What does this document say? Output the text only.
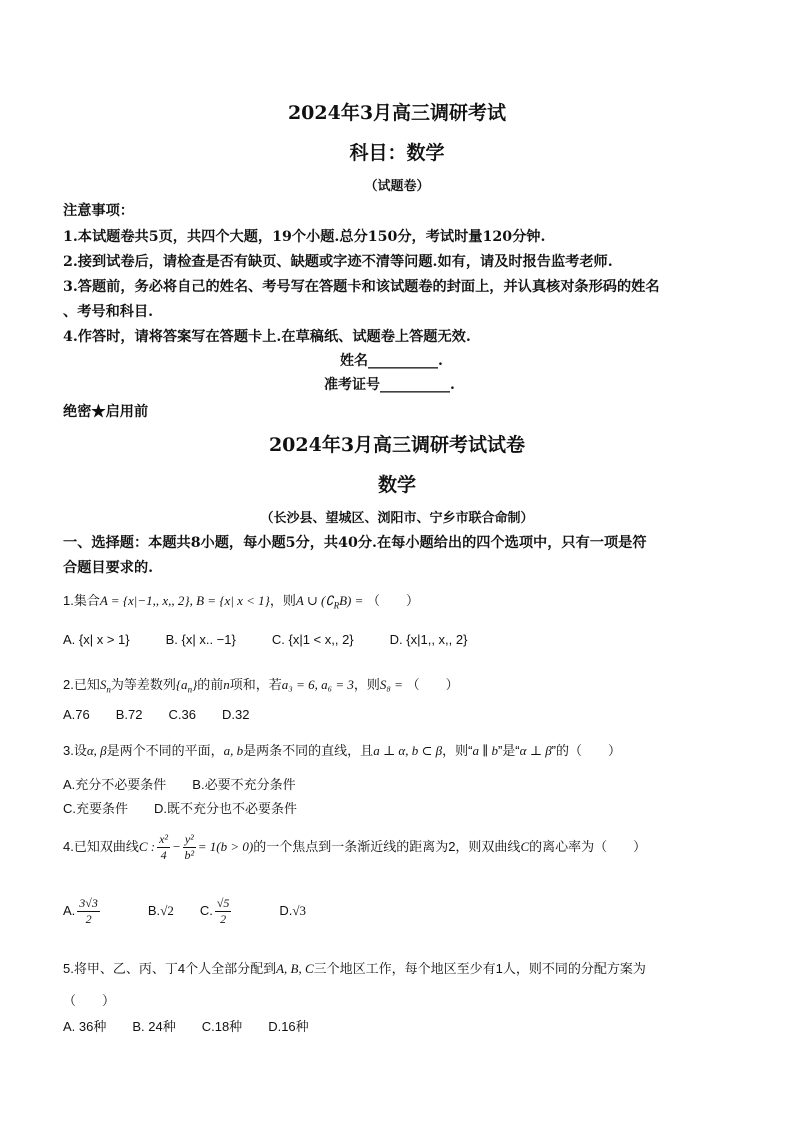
2024年3月高三调研考试
科目：数学
（试题卷）
注意事项：
1.本试题卷共5页，共四个大题，19个小题.总分150分，考试时量120分钟.
2.接到试卷后，请检查是否有缺页、缺题或字迹不清等问题.如有，请及时报告监考老师.
3.答题前，务必将自己的姓名、考号写在答题卡和该试题卷的封面上，并认真核对条形码的姓名
、考号和科目.
4.作答时，请将答案写在答题卡上.在草稿纸、试题卷上答题无效.
姓名__________.
准考证号__________.
绝密★启用前
2024年3月高三调研考试试卷
数学
（长沙县、望城区、浏阳市、宁乡市联合命制）
一、选择题：本题共8小题，每小题5分，共40分.在每小题给出的四个选项中，只有一项是符
合题目要求的.
1.集合A = {x|−1,, x,, 2}, B = {x| x < 1}，则A ∪ $(∁_RB)$ = （　　）
A. {x| x > 1}	B. {x| x.. −1}	C. {x|1 < x,, 2}	D. {x|1,, x,, 2}
2.已知$S_n$为等差数列$\{a_n\}$的前n项和，若a₃ = 6, a₆ = 3，则S₈ = （　　）
A.76 B.72 C.36 D.32
3.设α, β是两个不同的平面，a, b是两条不同的直线，且a ⊥ α, b ⊂ β，则“a ∥ b”是“α ⊥ β”的（　　）
A.充分不必要条件 B.必要不充分条件
C.充要条件 D.既不充分也不必要条件
4.已知双曲线C : $\frac{\text{x²}}{4} - \frac{\text{y²}}{\text{b²}} = 1(b > 0)$的一个焦点到一条渐近线的距离为2，则双曲线C的离心率为（　　）
A. $\frac{3√3}{2} B.√2$ C. $\frac{√5}{2} D.√3$
5.将甲、乙、丙、丁4个人全部分配到A, B, C三个地区工作，每个地区至少有1人，则不同的分配方案为
（　　）
A. 36种 B. 24种 C.18种 D.16种
